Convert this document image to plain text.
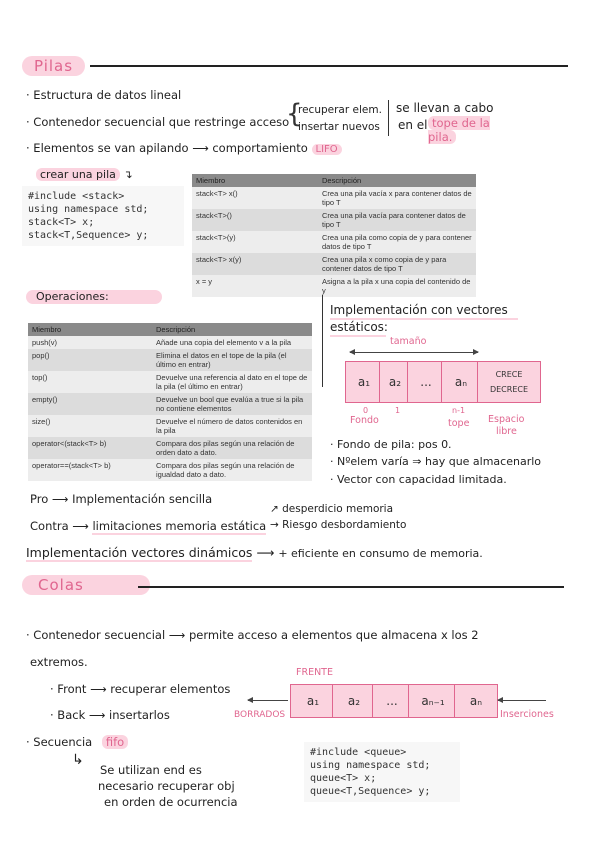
Pilas
· Estructura de datos lineal
· Contenedor secuencial que restringe acceso
{
recuperar elem.
insertar nuevos
se llevan a cabo
en el tope de la pila.
· Elementos se van apilando ⟶ comportamiento LIFO
crear una pila ↴
#include <stack>
using namespace std;
stack<T> x;
stack<T,Sequence> y;
Miembro	Descripción
stack<T> x()	Crea una pila vacía x para contener datos de tipo T
stack<T>()	Crea una pila vacía para contener datos de tipo T
stack<T>(y)	Crea una pila como copia de y para contener datos de tipo T
stack<T> x(y)	Crea una pila x como copia de y para contener datos de tipo T
x = y	Asigna a la pila x una copia del contenido de y
Operaciones:
Miembro	Descripción
push(v)	Añade una copia del elemento v a la pila
pop()	Elimina el datos en el tope de la pila (el último en entrar)
top()	Devuelve una referencia al dato en el tope de la pila (el último en entrar)
empty()	Devuelve un bool que evalúa a true si la pila no contiene elementos
size()	Devuelve el número de datos contenidos en la pila
operator<(stack<T> b)	Compara dos pilas según una relación de orden dato a dato.
operator==(stack<T> b)	Compara dos pilas según una relación de igualdad dato a dato.
Implementación con vectores
estáticos:
tamaño
a₁	a₂	...	aₙ
CRECE
DECRECE
0	1	n-1
Fondo	tope Espacio
libre
· Fondo de pila: pos 0.
· Nºelem varía ⇒ hay que almacenarlo
· Vector con capacidad limitada.
Pro ⟶ Implementación sencilla
Contra ⟶ limitaciones memoria estática
↗ desperdicio memoria
→ Riesgo desbordamiento
Implementación vectores dinámicos ⟶ + eficiente en consumo de memoria.
Colas
· Contenedor secuencial ⟶ permite acceso a elementos que almacena x los 2
extremos.
· Front ⟶ recuperar elementos
· Back ⟶ insertarlos
FRENTE
a₁	a₂	...	aₙ₋₁	aₙ
BORRADOS	Inserciones
· Secuencia fifo
↳
Se utilizan end es
necesario recuperar obj
en orden de ocurrencia
#include <queue>
using namespace std;
queue<T> x;
queue<T,Sequence> y;
